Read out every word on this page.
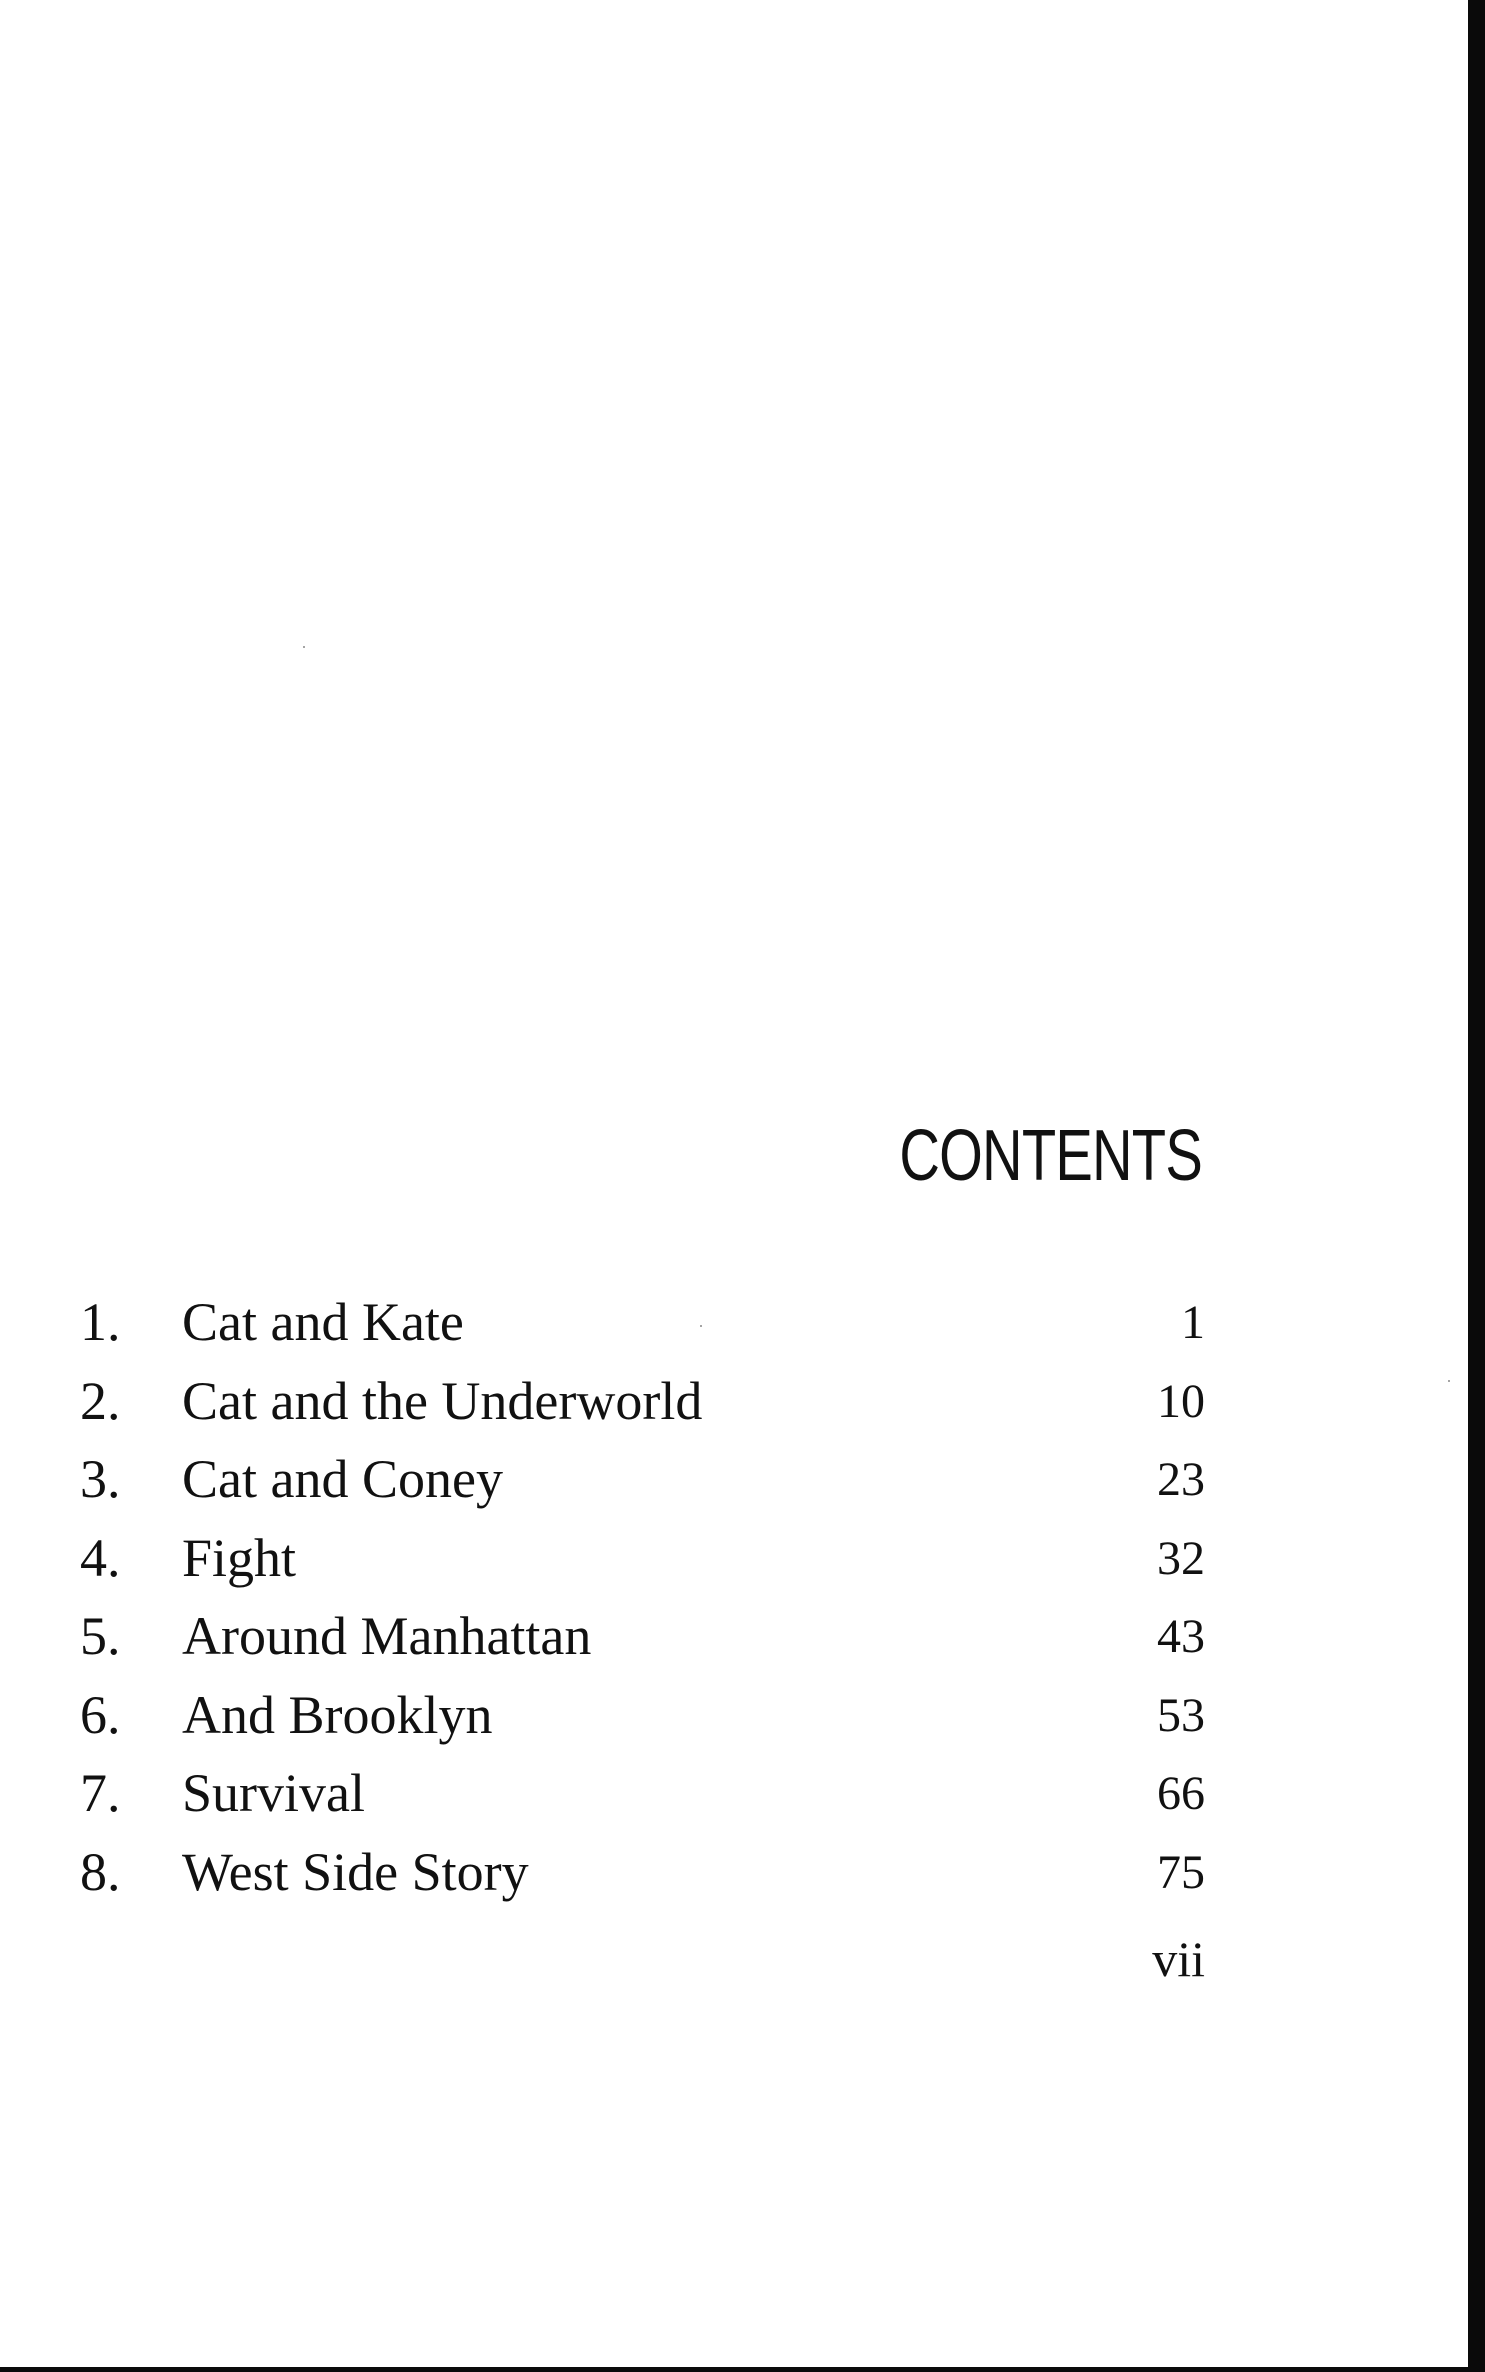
CONTENTS
1. Cat and Kate	1
2. Cat and the Underworld	10
3. Cat and Coney	23
4. Fight	32
5. Around Manhattan	43
6. And Brooklyn	53
7. Survival	66
8. West Side Story	75
vii
